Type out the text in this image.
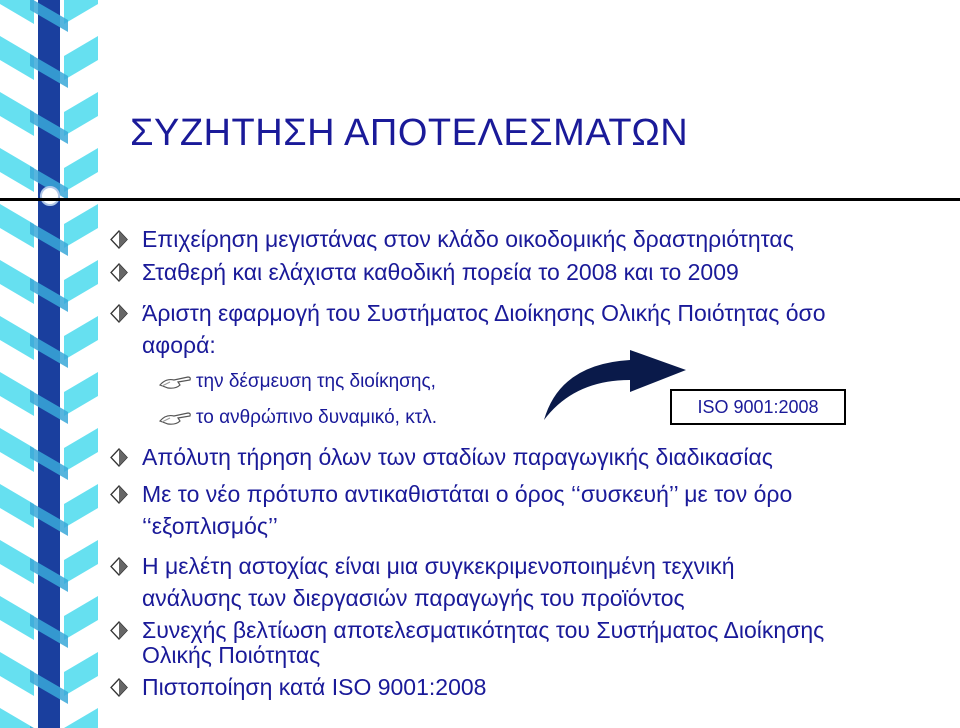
ΣΥΖΗΤΗΣΗ ΑΠΟΤΕΛΕΣΜΑΤΩΝ
Επιχείρηση μεγιστάνας στον κλάδο οικοδομικής δραστηριότητας
Σταθερή και ελάχιστα καθοδική πορεία το 2008 και το 2009
Άριστη εφαρμογή του Συστήματος Διοίκησης Ολικής Ποιότητας όσο
αφορά:
την δέσμευση της διοίκησης,
το ανθρώπινο δυναμικό, κτλ.	ISO 9001:2008
Απόλυτη τήρηση όλων των σταδίων παραγωγικής διαδικασίας
Με το νέο πρότυπο αντικαθιστάται ο όρος ‘‘συσκευή’’ με τον όρο
‘‘εξοπλισμός’’
Η μελέτη αστοχίας είναι μια συγκεκριμενοποιημένη τεχνική
ανάλυσης των διεργασιών παραγωγής του προϊόντος
Συνεχής βελτίωση αποτελεσματικότητας του Συστήματος Διοίκησης
Ολικής Ποιότητας
Πιστοποίηση κατά ISO 9001:2008
